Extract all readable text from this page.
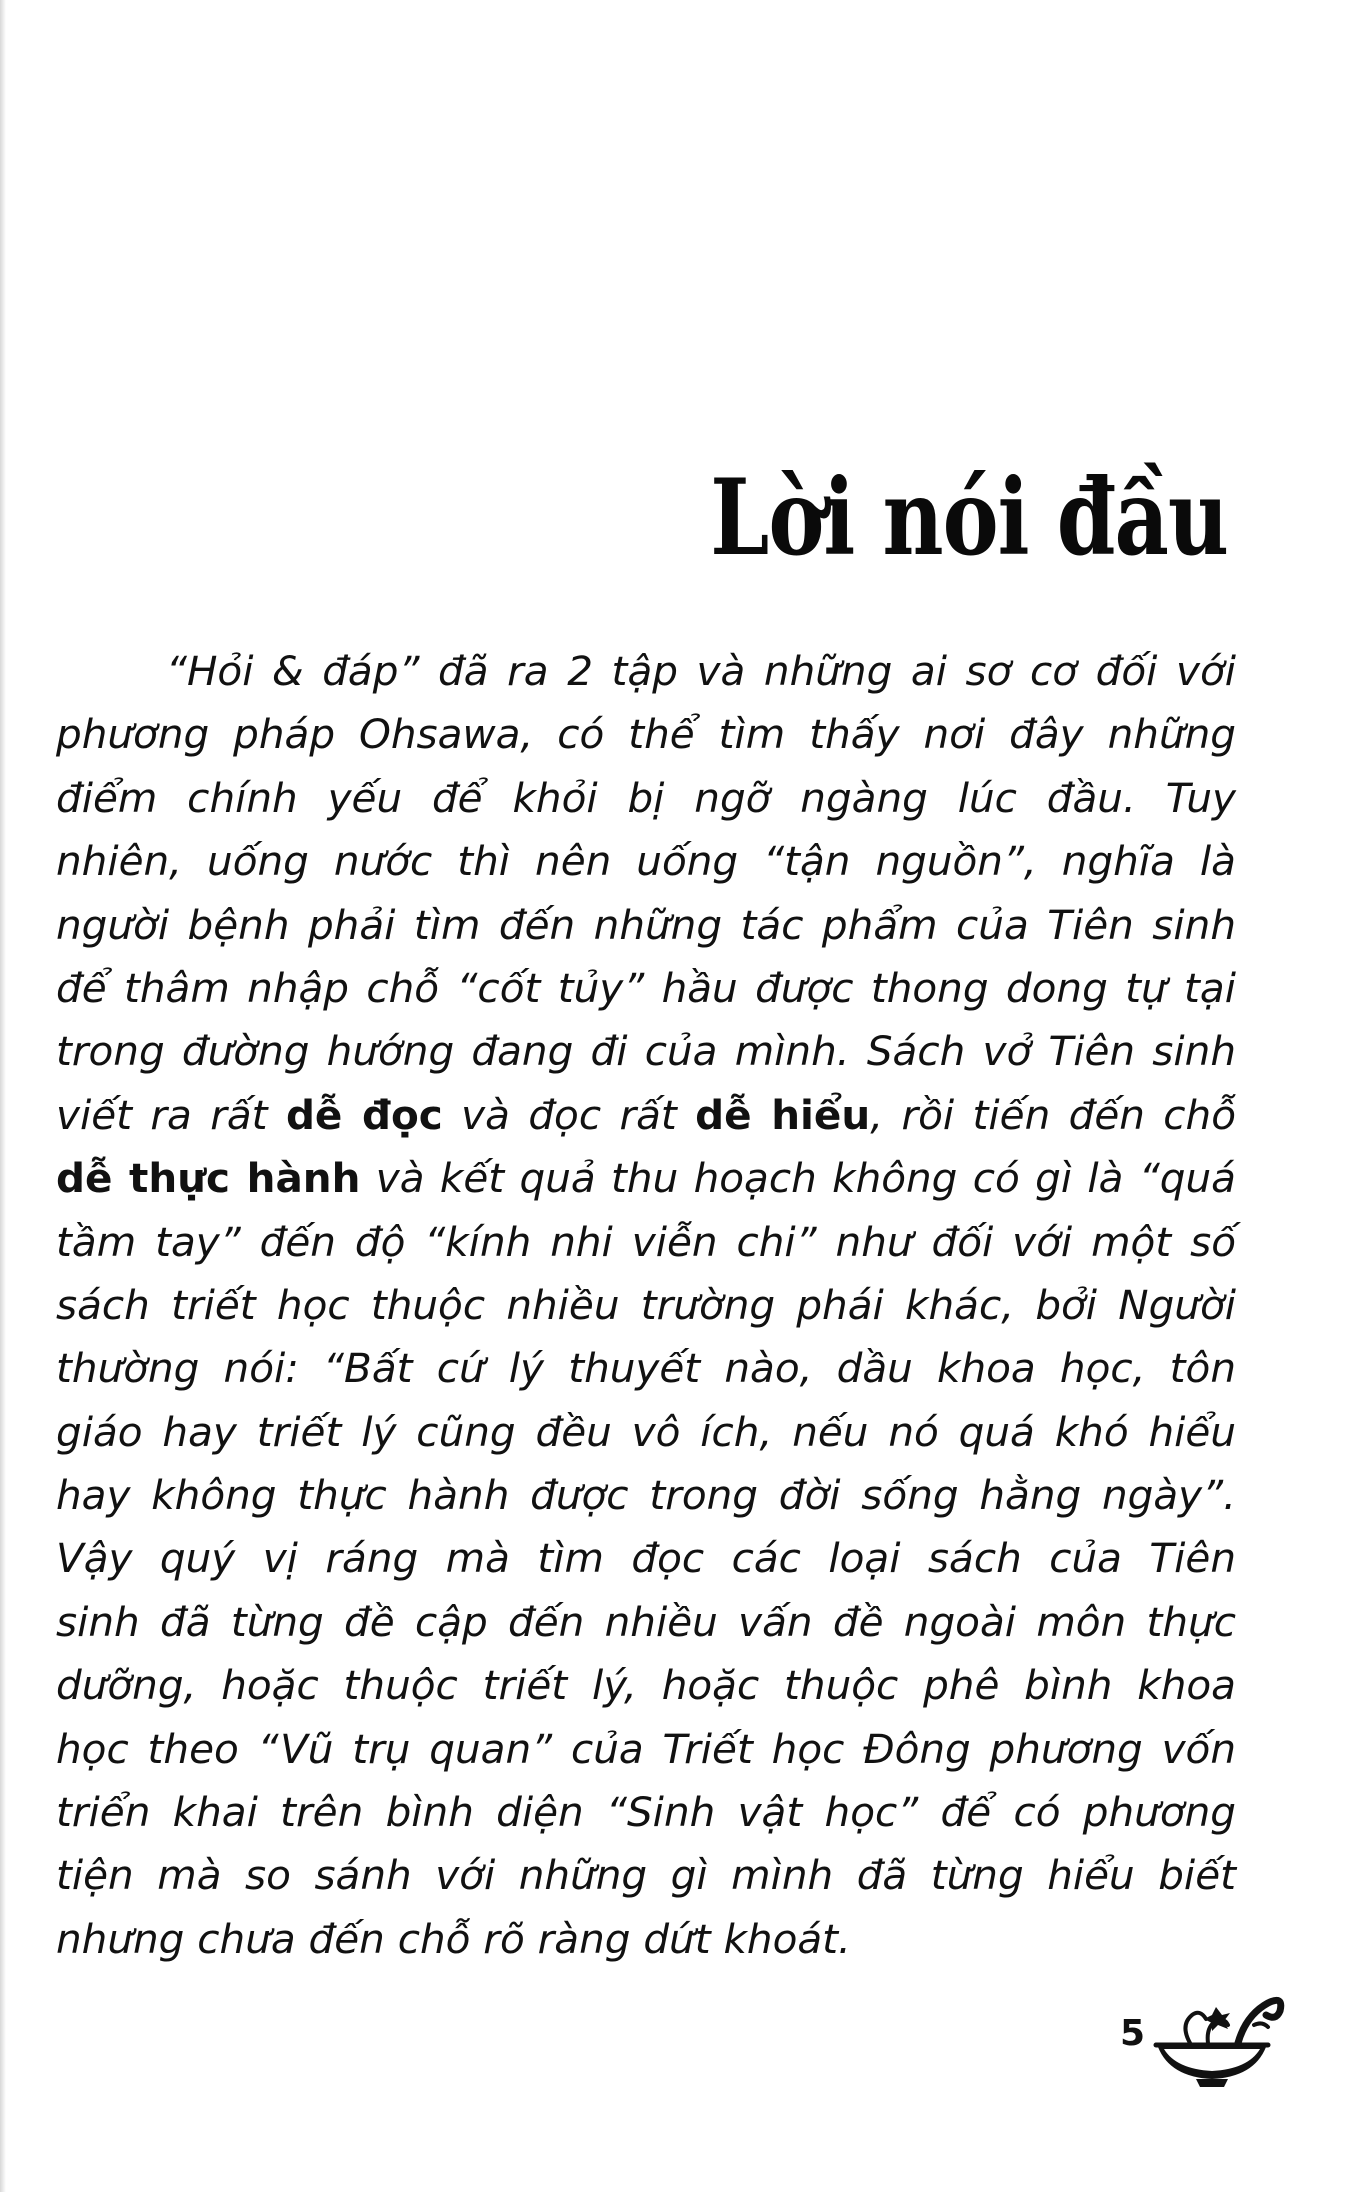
Lời nói đầu
“Hỏi & đáp” đã ra 2 tập và những ai sơ cơ đối với
phương pháp Ohsawa, có thể tìm thấy nơi đây những
điểm chính yếu để khỏi bị ngỡ ngàng lúc đầu. Tuy
nhiên, uống nước thì nên uống “tận nguồn”, nghĩa là
người bệnh phải tìm đến những tác phẩm của Tiên sinh
để thâm nhập chỗ “cốt tủy” hầu được thong dong tự tại
trong đường hướng đang đi của mình. Sách vở Tiên sinh
viết ra rất dễ đọc và đọc rất dễ hiểu, rồi tiến đến chỗ
dễ thực hành và kết quả thu hoạch không có gì là “quá
tầm tay” đến độ “kính nhi viễn chi” như đối với một số
sách triết học thuộc nhiều trường phái khác, bởi Người
thường nói: “Bất cứ lý thuyết nào, dầu khoa học, tôn
giáo hay triết lý cũng đều vô ích, nếu nó quá khó hiểu
hay không thực hành được trong đời sống hằng ngày”.
Vậy quý vị ráng mà tìm đọc các loại sách của Tiên
sinh đã từng đề cập đến nhiều vấn đề ngoài môn thực
dưỡng, hoặc thuộc triết lý, hoặc thuộc phê bình khoa
học theo “Vũ trụ quan” của Triết học Đông phương vốn
triển khai trên bình diện “Sinh vật học” để có phương
tiện mà so sánh với những gì mình đã từng hiểu biết
nhưng chưa đến chỗ rõ ràng dứt khoát.
5
